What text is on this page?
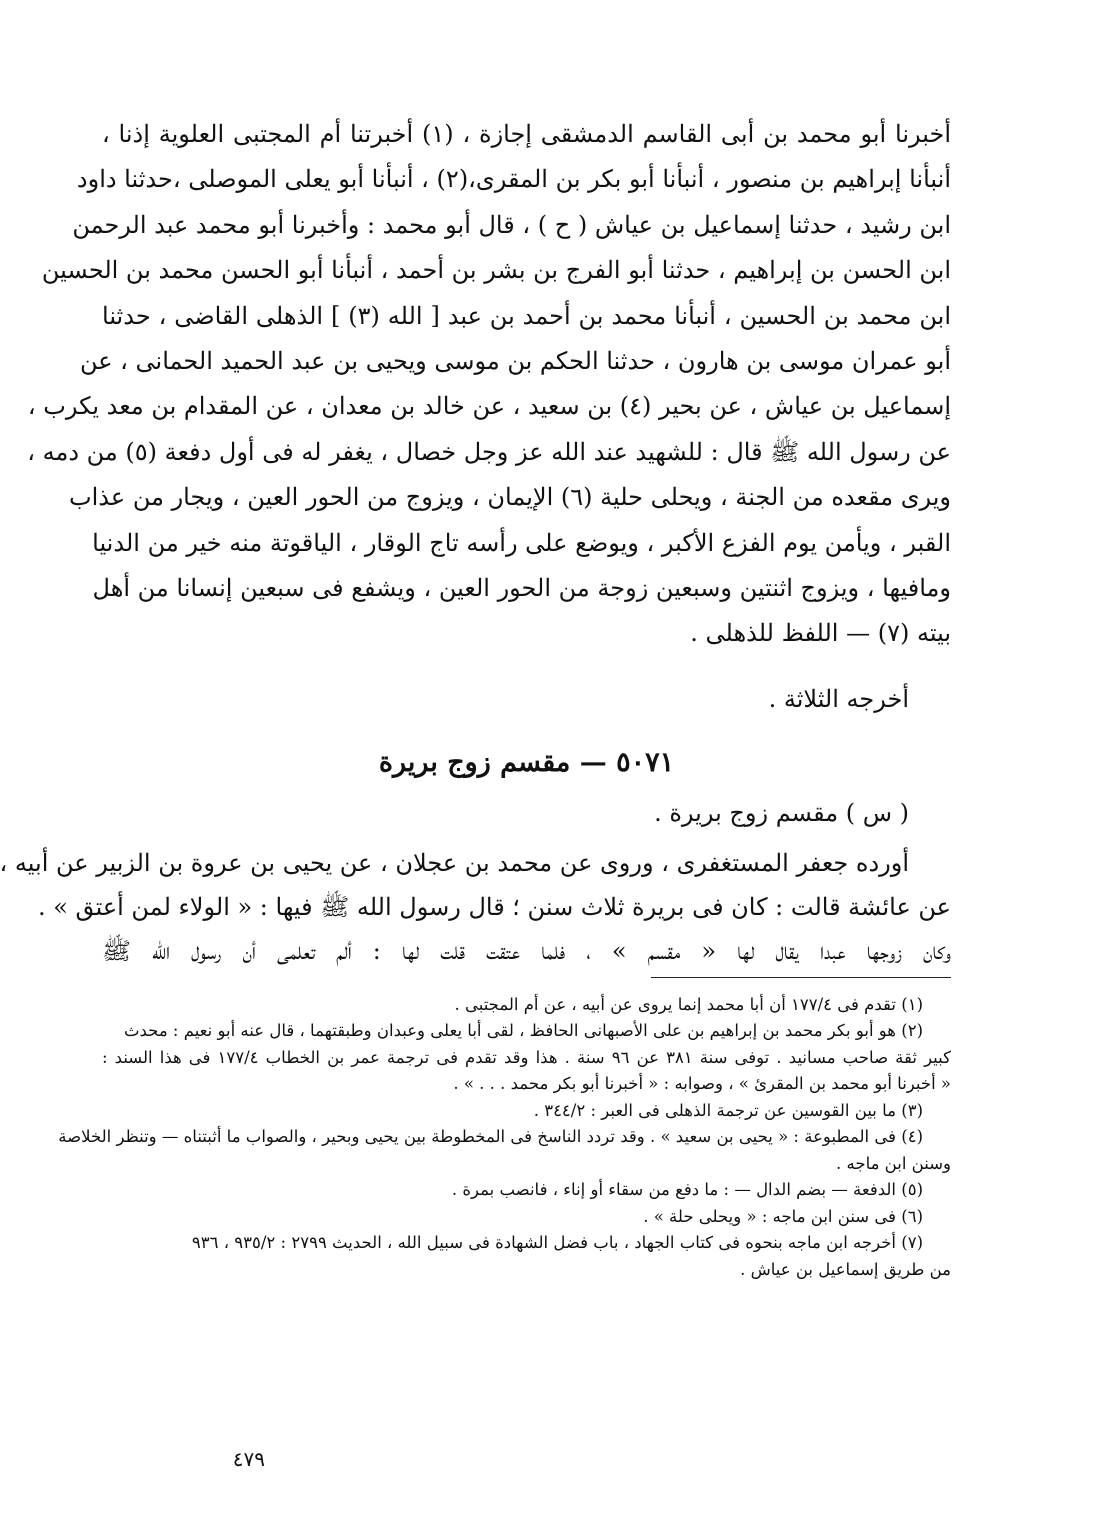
أخبرنا أبو محمد بن أبى القاسم الدمشقى إجازة ، (١) أخبرتنا أم المجتبى العلوية إذنا ،
أنبأنا إبراهيم بن منصور ، أنبأنا أبو بكر بن المقرى،(٢) ، أنبأنا أبو يعلى الموصلى ،حدثنا داود
ابن رشيد ، حدثنا إسماعيل بن عياش ( ح ) ، قال أبو محمد : وأخبرنا أبو محمد عبد الرحمن
ابن الحسن بن إبراهيم ، حدثنا أبو الفرج بن بشر بن أحمد ، أنبأنا أبو الحسن محمد بن الحسين
ابن محمد بن الحسين ، أنبأنا محمد بن أحمد بن عبد [ الله (٣) ] الذهلى القاضى ، حدثنا
أبو عمران موسى بن هارون ، حدثنا الحكم بن موسى ويحيى بن عبد الحميد الحمانى ، عن
إسماعيل بن عياش ، عن بحير (٤) بن سعيد ، عن خالد بن معدان ، عن المقدام بن معد يكرب ،
عن رسول الله ﷺ قال : للشهيد عند الله عز وجل خصال ، يغفر له فى أول دفعة (٥) من دمه ،
ويرى مقعده من الجنة ، ويحلى حلية (٦) الإيمان ، ويزوج من الحور العين ، ويجار من عذاب
القبر ، ويأمن يوم الفزع الأكبر ، ويوضع على رأسه تاج الوقار ، الياقوتة منه خير من الدنيا
ومافيها ، ويزوج اثنتين وسبعين زوجة من الحور العين ، ويشفع فى سبعين إنسانا من أهل
بيته (٧) — اللفظ للذهلى .

أخرجه الثلاثة .

٥٠٧١ — مقسم زوج بريرة

( س ) مقسم زوج بريرة .

أورده جعفر المستغفرى ، وروى عن محمد بن عجلان ، عن يحيى بن عروة بن الزبير عن أبيه ،
عن عائشة قالت : كان فى بريرة ثلاث سنن ؛ قال رسول الله ﷺ فيها : « الولاء لمن أعتق » .
وكان زوجها عبدا يقال لها « مقسم » ، فلما عتقت قلت لها : ألم تعلمى أن رسول الله ﷺ
(١) تقدم فى ١٧٧/٤ أن أبا محمد إنما يروى عن أبيه ، عن أم المجتبى .
(٢) هو أبو بكر محمد بن إبراهيم بن على الأصبهانى الحافظ ، لقى أبا يعلى وعبدان وطبقتهما ، قال عنه أبو نعيم : محدث
كبير ثقة صاحب مسانيد . توفى سنة ٣٨١ عن ٩٦ سنة . هذا وقد تقدم فى ترجمة عمر بن الخطاب ١٧٧/٤ فى هذا السند :
« أخبرنا أبو محمد بن المقرئ » ، وصوابه : « أخبرنا أبو بكر محمد . . . » .
(٣) ما بين القوسين عن ترجمة الذهلى فى العبر : ٣٤٤/٢ .
(٤) فى المطبوعة : « يحيى بن سعيد » . وقد تردد الناسخ فى المخطوطة بين يحيى وبحير ، والصواب ما أثبتناه — وتنظر الخلاصة
وسنن ابن ماجه .
(٥) الدفعة — بضم الدال — : ما دفع من سقاء أو إناء ، فانصب بمرة .
(٦) فى سنن ابن ماجه : « ويحلى حلة » .
(٧) أخرجه ابن ماجه بنحوه فى كتاب الجهاد ، باب فضل الشهادة فى سبيل الله ، الحديث ٢٧٩٩ : ٩٣٥/٢ ، ٩٣٦
من طريق إسماعيل بن عياش .
٤٧٩
